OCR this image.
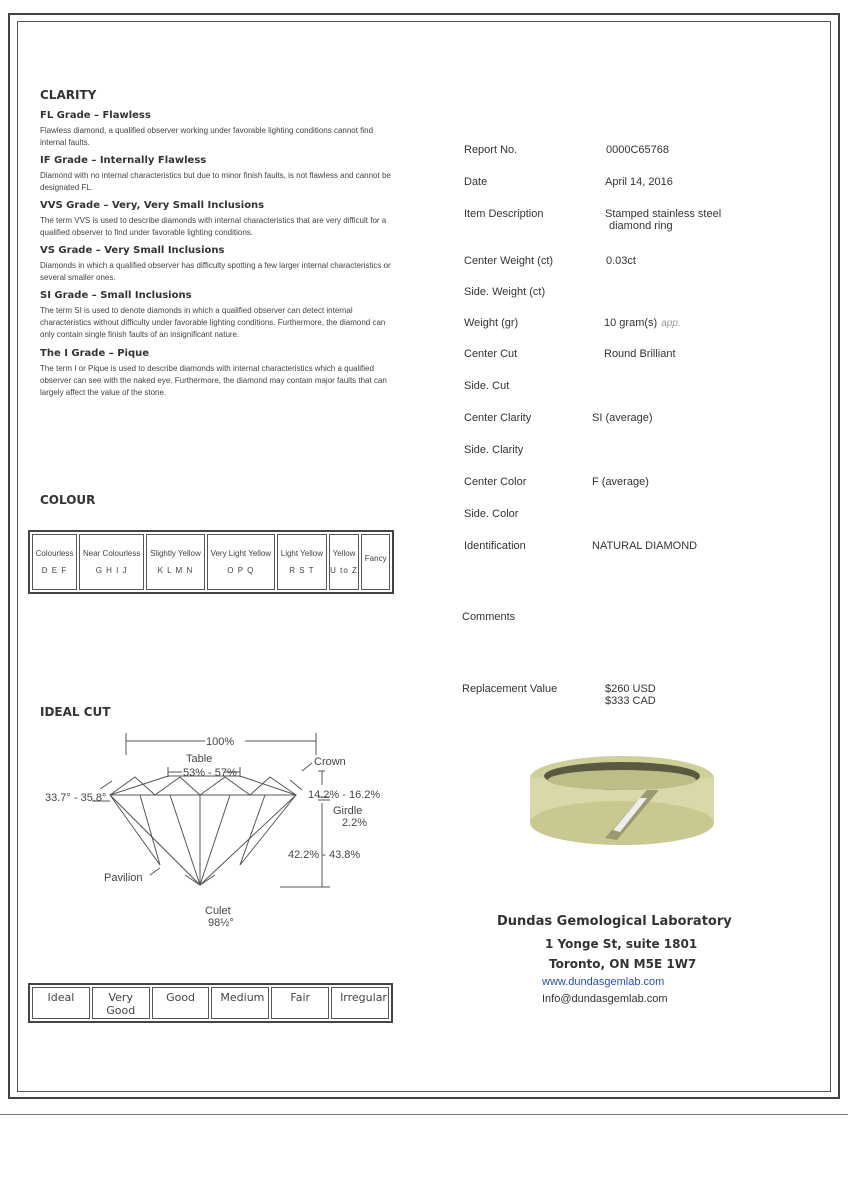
CLARITY
FL Grade – Flawless
Flawless diamond, a qualified observer working under favorable lighting conditions cannot find internal faults.
IF Grade – Internally Flawless
Diamond with no internal characteristics but due to minor finish faults, is not flawless and cannot be designated FL.
VVS Grade – Very, Very Small Inclusions
The term VVS is used to describe diamonds with internal characteristics that are very difficult for a qualified observer to find under favorable lighting conditions.
VS Grade – Very Small Inclusions
Diamonds in which a qualified observer has difficulty spotting a few larger internal characteristics or several smaller ones.
SI Grade – Small Inclusions
The term SI is used to denote diamonds in which a qualified observer can detect internal characteristics without difficulty under favorable lighting conditions. Furthermore, the diamond can only contain single finish faults of an insignificant nature.
The I Grade – Pique
The term I or Pique is used to describe diamonds with internal characteristics which a qualified observer can see with the naked eye. Furthermore, the diamond may contain major faults that can largely affect the value of the stone.
COLOUR
Colourless
D E F

Near Colourless
G H I J

Slightly Yellow
K L M N

Very Light Yellow
O P Q

Light Yellow
R S T

Yellow
U to Z

Fancy
IDEAL CUT
100%
Table
53% - 57%
Crown
33.7° - 35.8°	14.2% - 16.2%
Girdle
2.2%
42.2% - 43.8%
Pavilion
Culet
98½°
Ideal	Very Good	Good	Medium	Fair	Irregular
Report No.	0000C65768
Date	April 14, 2016
Item Description	Stamped stainless steel
diamond ring
Center Weight (ct)	0.03ct
Side. Weight (ct)
Weight (gr)	10 gram(s) app.
Center Cut	Round Brilliant
Side. Cut
Center Clarity	SI (average)
Side. Clarity
Center Color	F (average)
Side. Color
Identification	NATURAL DIAMOND
Comments
Replacement Value	$260 USD
$333 CAD
Dundas Gemological Laboratory
1 Yonge St, suite 1801
Toronto, ON M5E 1W7
www.dundasgemlab.com
Info@dundasgemlab.com
